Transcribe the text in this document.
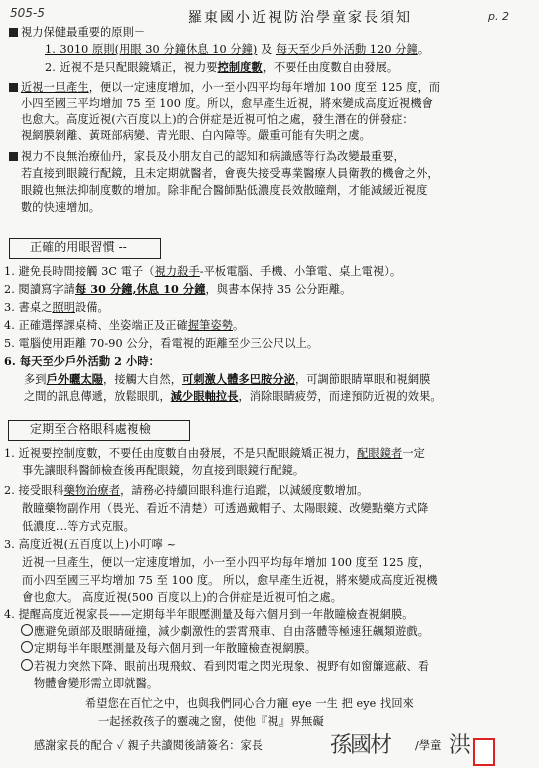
505-5	羅東國小近視防治學童家長須知	p. 2
視力保健最重要的原則－
1. 3010 原則(用眼 30 分鐘休息 10 分鐘) 及 每天至少戶外活動 120 分鐘。
2. 近視不是只配眼鏡矯正，視力要控制度數，不要任由度數自由發展。
近視一旦產生，便以一定速度增加，小一至小四平均每年增加 100 度至 125 度，而
小四至國三平均增加 75 至 100 度。所以，愈早產生近視，將來變成高度近視機會
也愈大。高度近視(六百度以上)的合併症是近視可怕之處，發生潛在的併發症：
視網膜剝離、黃斑部病變、青光眼、白內障等。嚴重可能有失明之虞。
視力不良無治療仙丹，家長及小朋友自己的認知和病識感等行為改變最重要，
若直接到眼鏡行配鏡，且未定期就醫者，會喪失接受專業醫療人員衛教的機會之外，
眼鏡也無法抑制度數的增加。除非配合醫師點低濃度長效散瞳劑，才能減緩近視度
數的快速增加。
正確的用眼習慣 --
1. 避免長時間接觸 3C 電子（視力殺手-平板電腦、手機、小筆電、桌上電視）。
2. 閱讀寫字請每 30 分鐘,休息 10 分鐘，與書本保持 35 公分距離。
3. 書桌之照明設備。
4. 正確選擇課桌椅、坐姿端正及正確握筆姿勢。
5. 電腦使用距離 70-90 公分，看電視的距離至少三公尺以上。
6. 每天至少戶外活動 2 小時：
多到戶外曬太陽，接觸大自然，可刺激人體多巴胺分泌，可調節眼睛單眼和視網膜
之間的訊息傳遞，放鬆眼肌，減少眼軸拉長，消除眼睛疲勞，而達預防近視的效果。
定期至合格眼科處複檢
1. 近視要控制度數，不要任由度數自由發展，不是只配眼鏡矯正視力，配眼鏡者一定
事先讓眼科醫師檢查後再配眼鏡，勿直接到眼鏡行配鏡。
2. 接受眼科藥物治療者，請務必持續回眼科進行追蹤，以減緩度數增加。
散瞳藥物副作用（畏光、看近不清楚）可透過戴帽子、太陽眼鏡、改變點藥方式降
低濃度…等方式克服。
3. 高度近視(五百度以上)小叮嚀 ~
近視一旦產生，便以一定速度增加，小一至小四平均每年增加 100 度至 125 度，
而小四至國三平均增加 75 至 100 度。 所以，愈早產生近視，將來變成高度近視機
會也愈大。 高度近視(500 百度以上)的合併症是近視可怕之處。
4. 提醒高度近視家長——定期每半年眼壓測量及每六個月到一年散瞳檢查視網膜。
應避免頭部及眼睛碰撞，減少劇激性的雲霄飛車、自由落體等極速狂飆類遊戲。
定期每半年眼壓測量及每六個月到一年散瞳檢查視網膜。
若視力突然下降、眼前出現飛蚊、看到閃電之閃光現象、視野有如窗簾遮蔽、看
物體會變形需立即就醫。
希望您在百忙之中，也與我們同心合力寵 eye 一生 把 eye 找回來
一起拯救孩子的靈魂之窗，使他『視』界無礙
感謝家長的配合 ✓ 親子共讀閱後請簽名：家長	孫國材 /學童 洪
